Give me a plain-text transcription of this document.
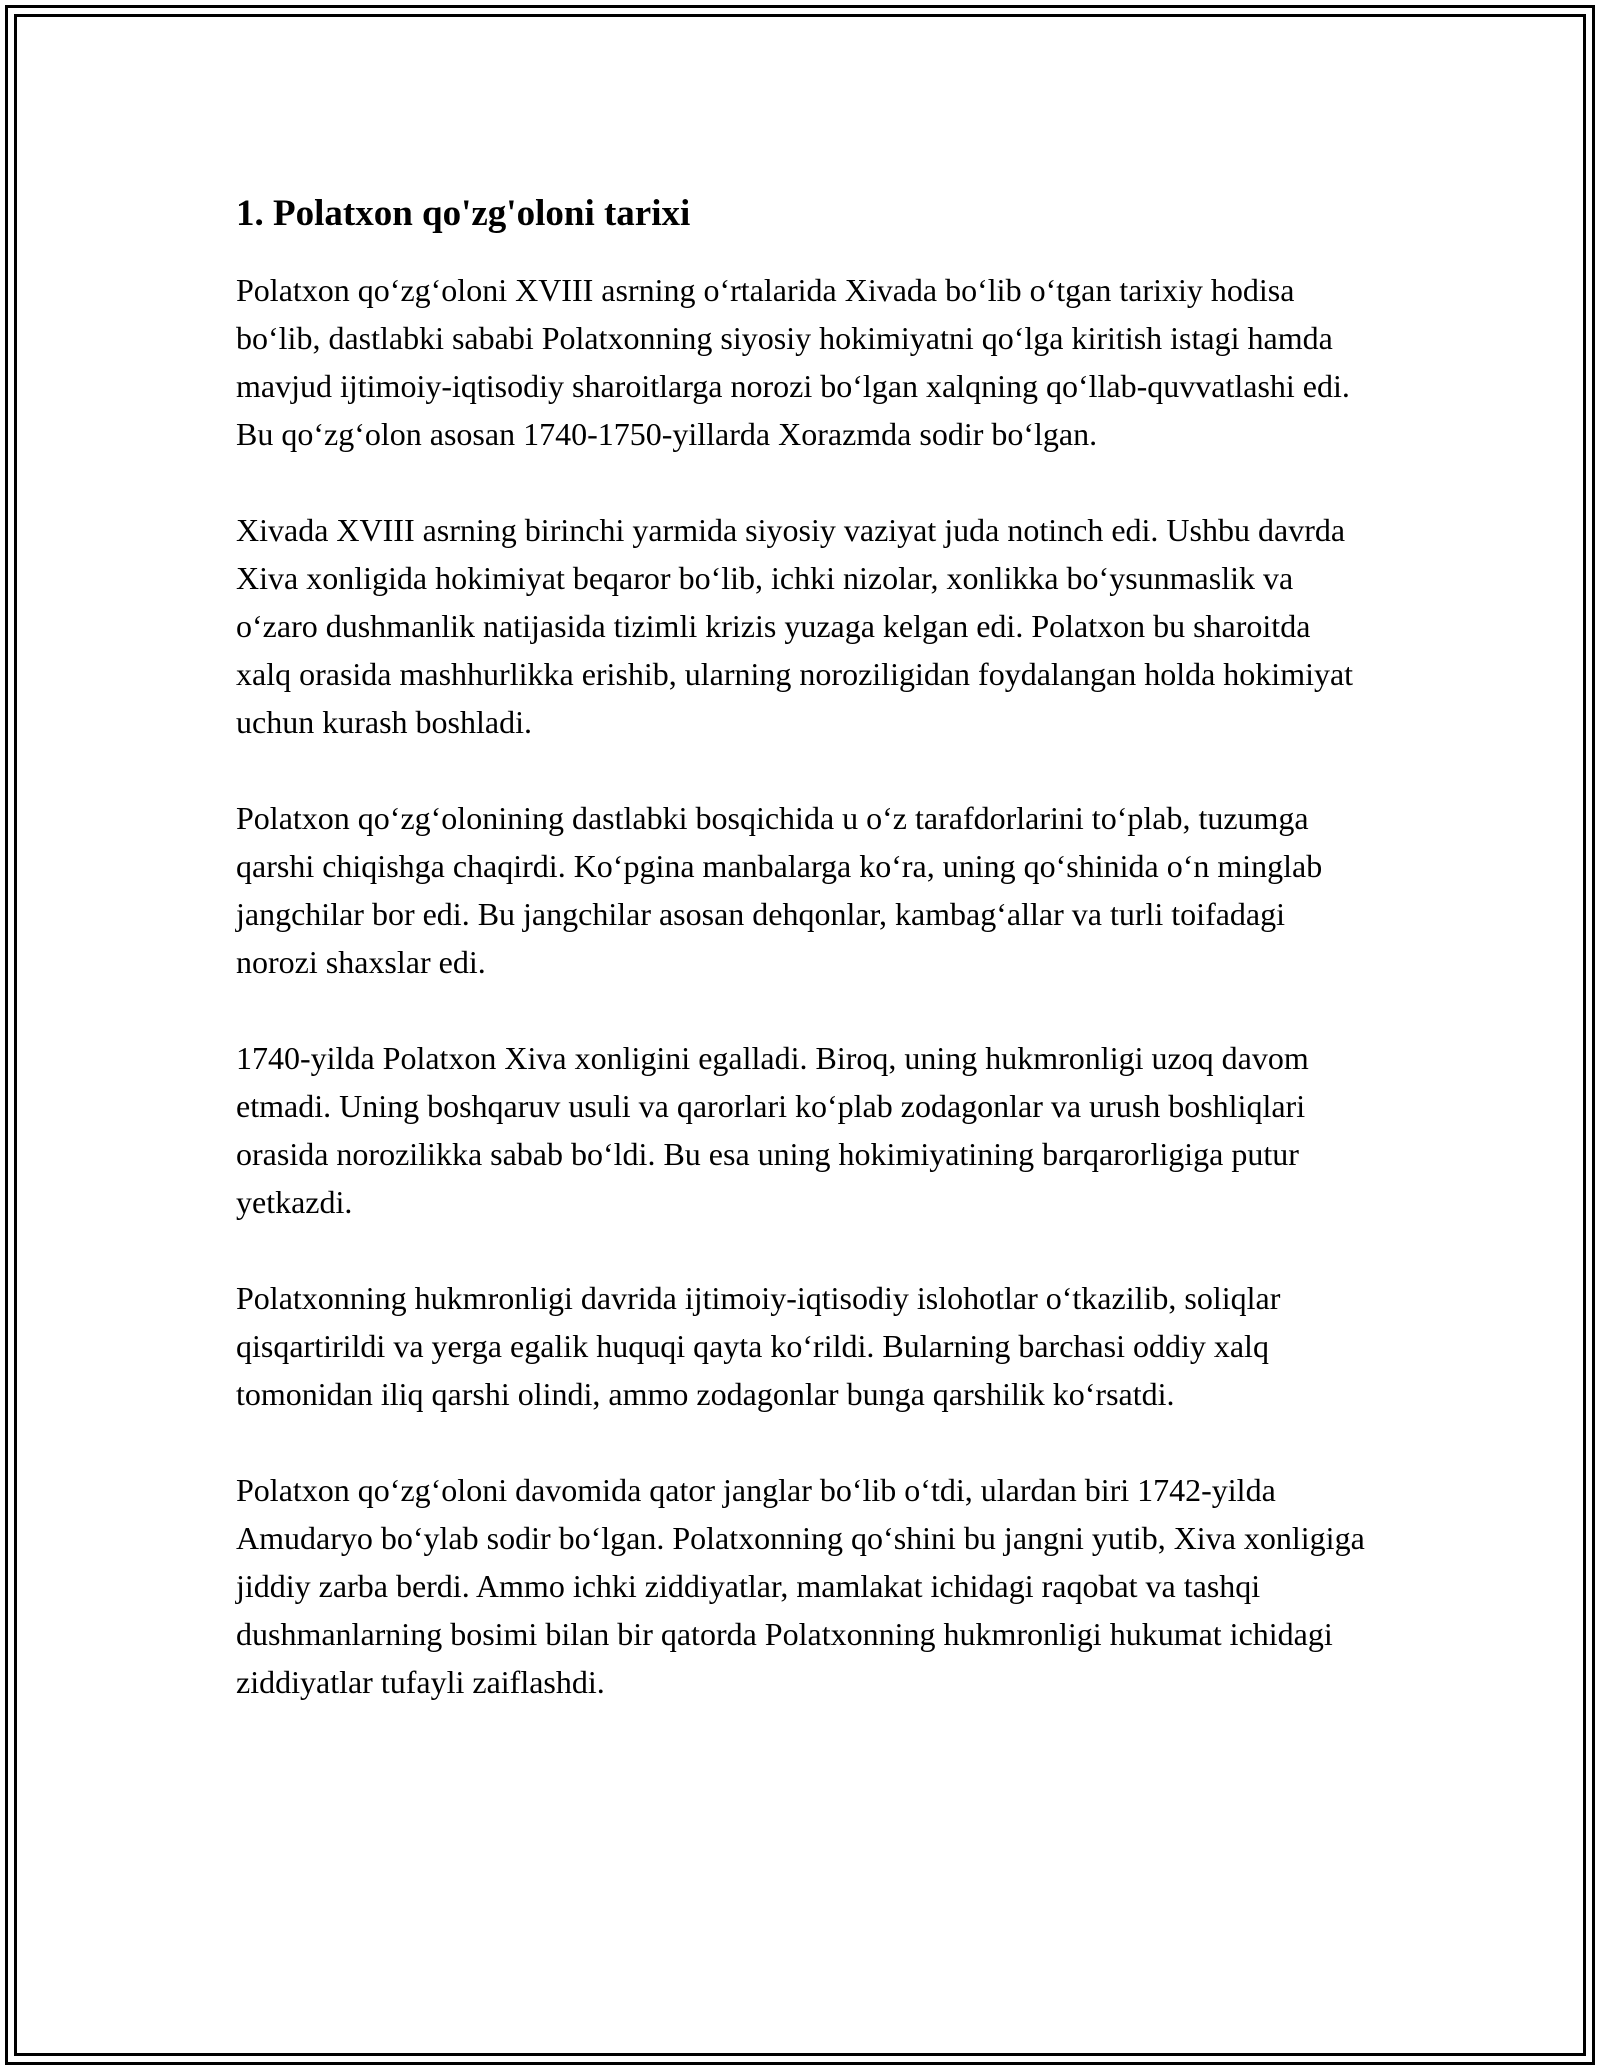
1. Polatxon qo'zg'oloni tarixi

Polatxon qo‘zg‘oloni XVIII asrning o‘rtalarida Xivada bo‘lib o‘tgan tarixiy hodisa bo‘lib, dastlabki sababi Polatxonning siyosiy hokimiyatni qo‘lga kiritish istagi hamda mavjud ijtimoiy-iqtisodiy sharoitlarga norozi bo‘lgan xalqning qo‘llab-quvvatlashi edi. Bu qo‘zg‘olon asosan 1740-1750-yillarda Xorazmda sodir bo‘lgan.

Xivada XVIII asrning birinchi yarmida siyosiy vaziyat juda notinch edi. Ushbu davrda Xiva xonligida hokimiyat beqaror bo‘lib, ichki nizolar, xonlikka bo‘ysunmaslik va o‘zaro dushmanlik natijasida tizimli krizis yuzaga kelgan edi. Polatxon bu sharoitda xalq orasida mashhurlikka erishib, ularning noroziligidan foydalangan holda hokimiyat uchun kurash boshladi.

Polatxon qo‘zg‘olonining dastlabki bosqichida u o‘z tarafdorlarini to‘plab, tuzumga qarshi chiqishga chaqirdi. Ko‘pgina manbalarga ko‘ra, uning qo‘shinida o‘n minglab jangchilar bor edi. Bu jangchilar asosan dehqonlar, kambag‘allar va turli toifadagi norozi shaxslar edi.

1740-yilda Polatxon Xiva xonligini egalladi. Biroq, uning hukmronligi uzoq davom etmadi. Uning boshqaruv usuli va qarorlari ko‘plab zodagonlar va urush boshliqlari orasida norozilikka sabab bo‘ldi. Bu esa uning hokimiyatining barqarorligiga putur yetkazdi.

Polatxonning hukmronligi davrida ijtimoiy-iqtisodiy islohotlar o‘tkazilib, soliqlar qisqartirildi va yerga egalik huquqi qayta ko‘rildi. Bularning barchasi oddiy xalq tomonidan iliq qarshi olindi, ammo zodagonlar bunga qarshilik ko‘rsatdi.

Polatxon qo‘zg‘oloni davomida qator janglar bo‘lib o‘tdi, ulardan biri 1742-yilda Amudaryo bo‘ylab sodir bo‘lgan. Polatxonning qo‘shini bu jangni yutib, Xiva xonligiga jiddiy zarba berdi. Ammo ichki ziddiyatlar, mamlakat ichidagi raqobat va tashqi dushmanlarning bosimi bilan bir qatorda Polatxonning hukmronligi hukumat ichidagi ziddiyatlar tufayli zaiflashdi.
